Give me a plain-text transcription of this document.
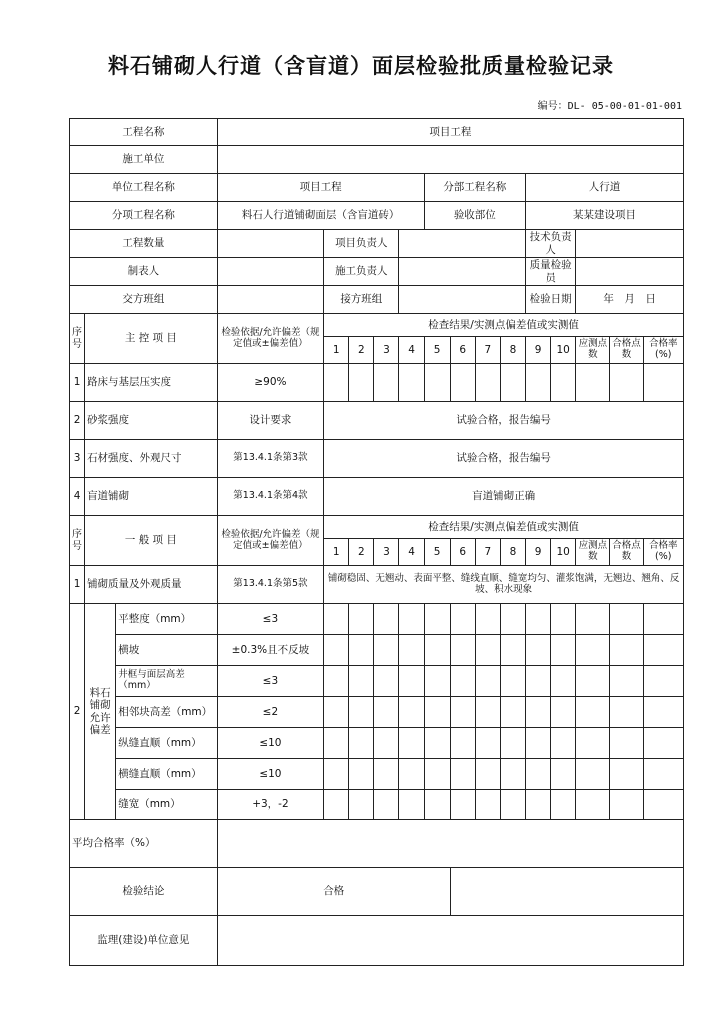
料石铺砌人行道（含盲道）面层检验批质量检验记录
编号：DL- 05-00-01-01-001
工程名称			项目工程													
施工单位																
单位工程名称			项目工程					分部工程名称				人行道				
分项工程名称			料石人行道铺砌面层（含盲道砖）					验收部位				某某建设项目				
工程数量				项目负责人								技术负责人				
制表人				施工负责人								质量检验员				
交方班组				接方班组								检验日期		年　月　日		
序号	主 控 项 目		检验依据/允许偏差（规定值或±偏差值）	检查结果/实测点偏差值或实测值												
				1	2	3	4	5	6	7	8	9	10	应测点数	合格点数	合格率(%)
1	路床与基层压实度		≥90%													
2	砂浆强度		设计要求	试验合格，报告编号												
3	石材强度、外观尺寸		第13.4.1条第3款	试验合格，报告编号												
4	盲道铺砌		第13.4.1条第4款	盲道铺砌正确												
序号	一 般 项 目		检验依据/允许偏差（规定值或±偏差值）	检查结果/实测点偏差值或实测值												
				1	2	3	4	5	6	7	8	9	10	应测点数	合格点数	合格率(%)
1	铺砌质量及外观质量		第13.4.1条第5款	铺砌稳固、无翘动、表面平整、缝线直顺、缝宽均匀、灌浆饱满，无翘边、翘角、反坡、积水现象												
2	料石铺砌允许偏差	平整度（mm）	≤3													
		横坡	±0.3%且不反坡													
		井框与面层高差（mm）	≤3													
		相邻块高差（mm）	≤2													
		纵缝直顺（mm）	≤10													
		横缝直顺（mm）	≤10													
		缝宽（mm）	+3，-2													
平均合格率（%）																
检验结论			合格													
监理(建设)单位意见																
